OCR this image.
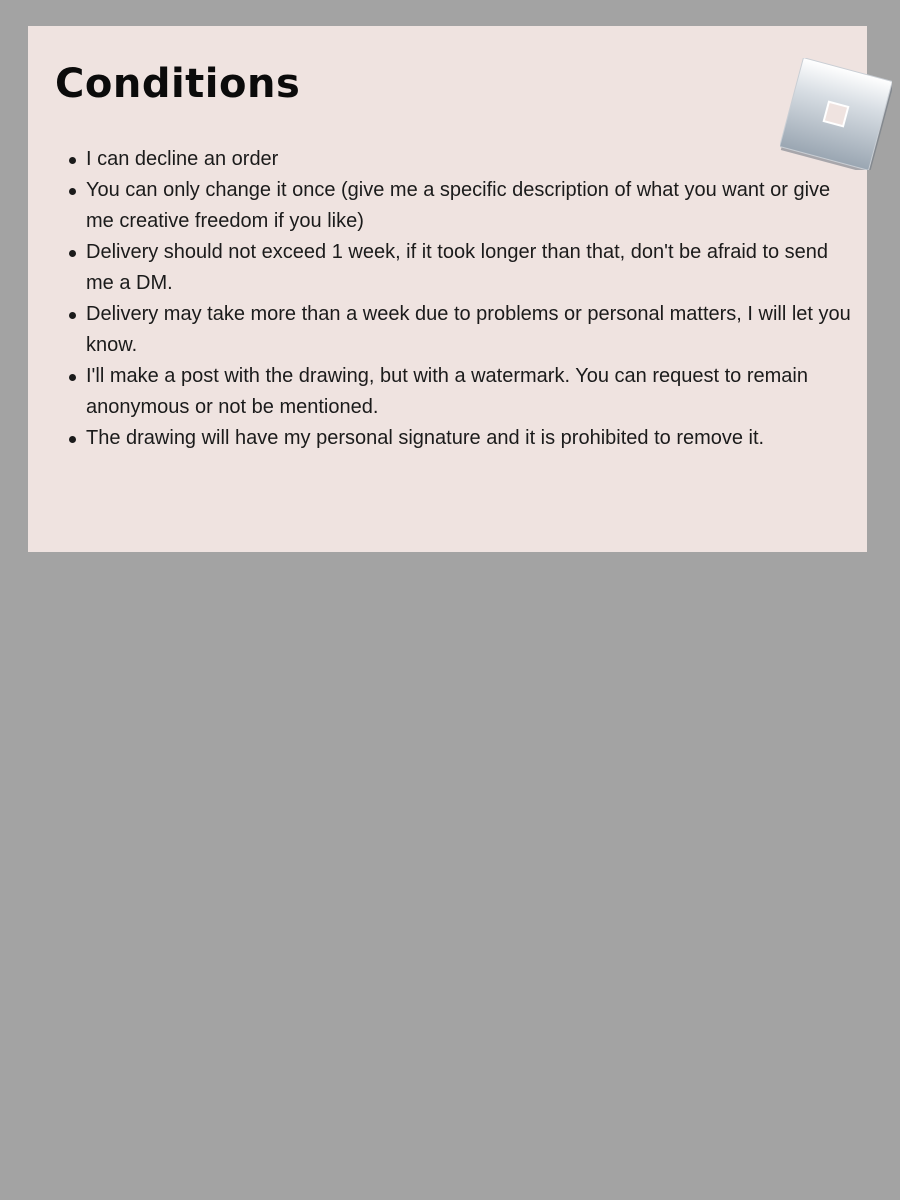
Conditions
I can decline an order
You can only change it once (give me a specific description of what you want or give me creative freedom if you like)
Delivery should not exceed 1 week, if it took longer than that, don't be afraid to send me a DM.
Delivery may take more than a week due to problems or personal matters, I will let you know.
I'll make a post with the drawing, but with a watermark. You can request to remain anonymous or not be mentioned.
The drawing will have my personal signature and it is prohibited to remove it.
